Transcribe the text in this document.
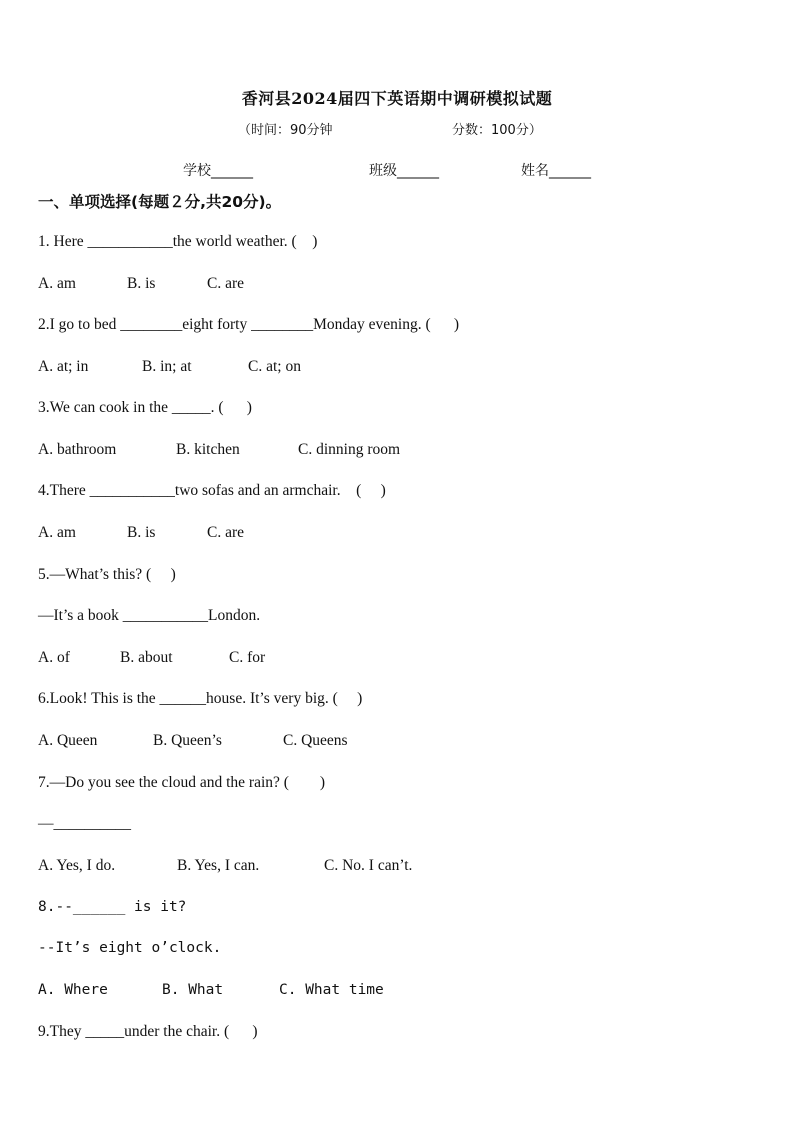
香河县2024届四下英语期中调研模拟试题
（时间：90分钟	分数：100分）
学校______	班级______	姓名______
一、单项选择(每题２分,共20分)。
1. Here ___________the world weather. (    )
A. am	B. is	C. are
2.I go to bed ________eight forty ________Monday evening. (      )
A. at; in	B. in; at	C. at; on
3.We can cook in the _____. (      )
A. bathroom	B. kitchen	C. dinning room
4.There ___________two sofas and an armchair.    (     )
A. am	B. is	C. are
5.—What’s this? (     )
—It’s a book ___________London.
A. of	B. about	C. for
6.Look! This is the ______house. It’s very big. (     )
A. Queen	B. Queen’s	C. Queens
7.—Do you see the cloud and the rain? (        )
—__________
A. Yes, I do.	B. Yes, I can.	C. No. I can’t.
8.--______ is it?
--It’s eight o’clock.
A. Where	B. What	C. What time
9.They _____under the chair. (      )
